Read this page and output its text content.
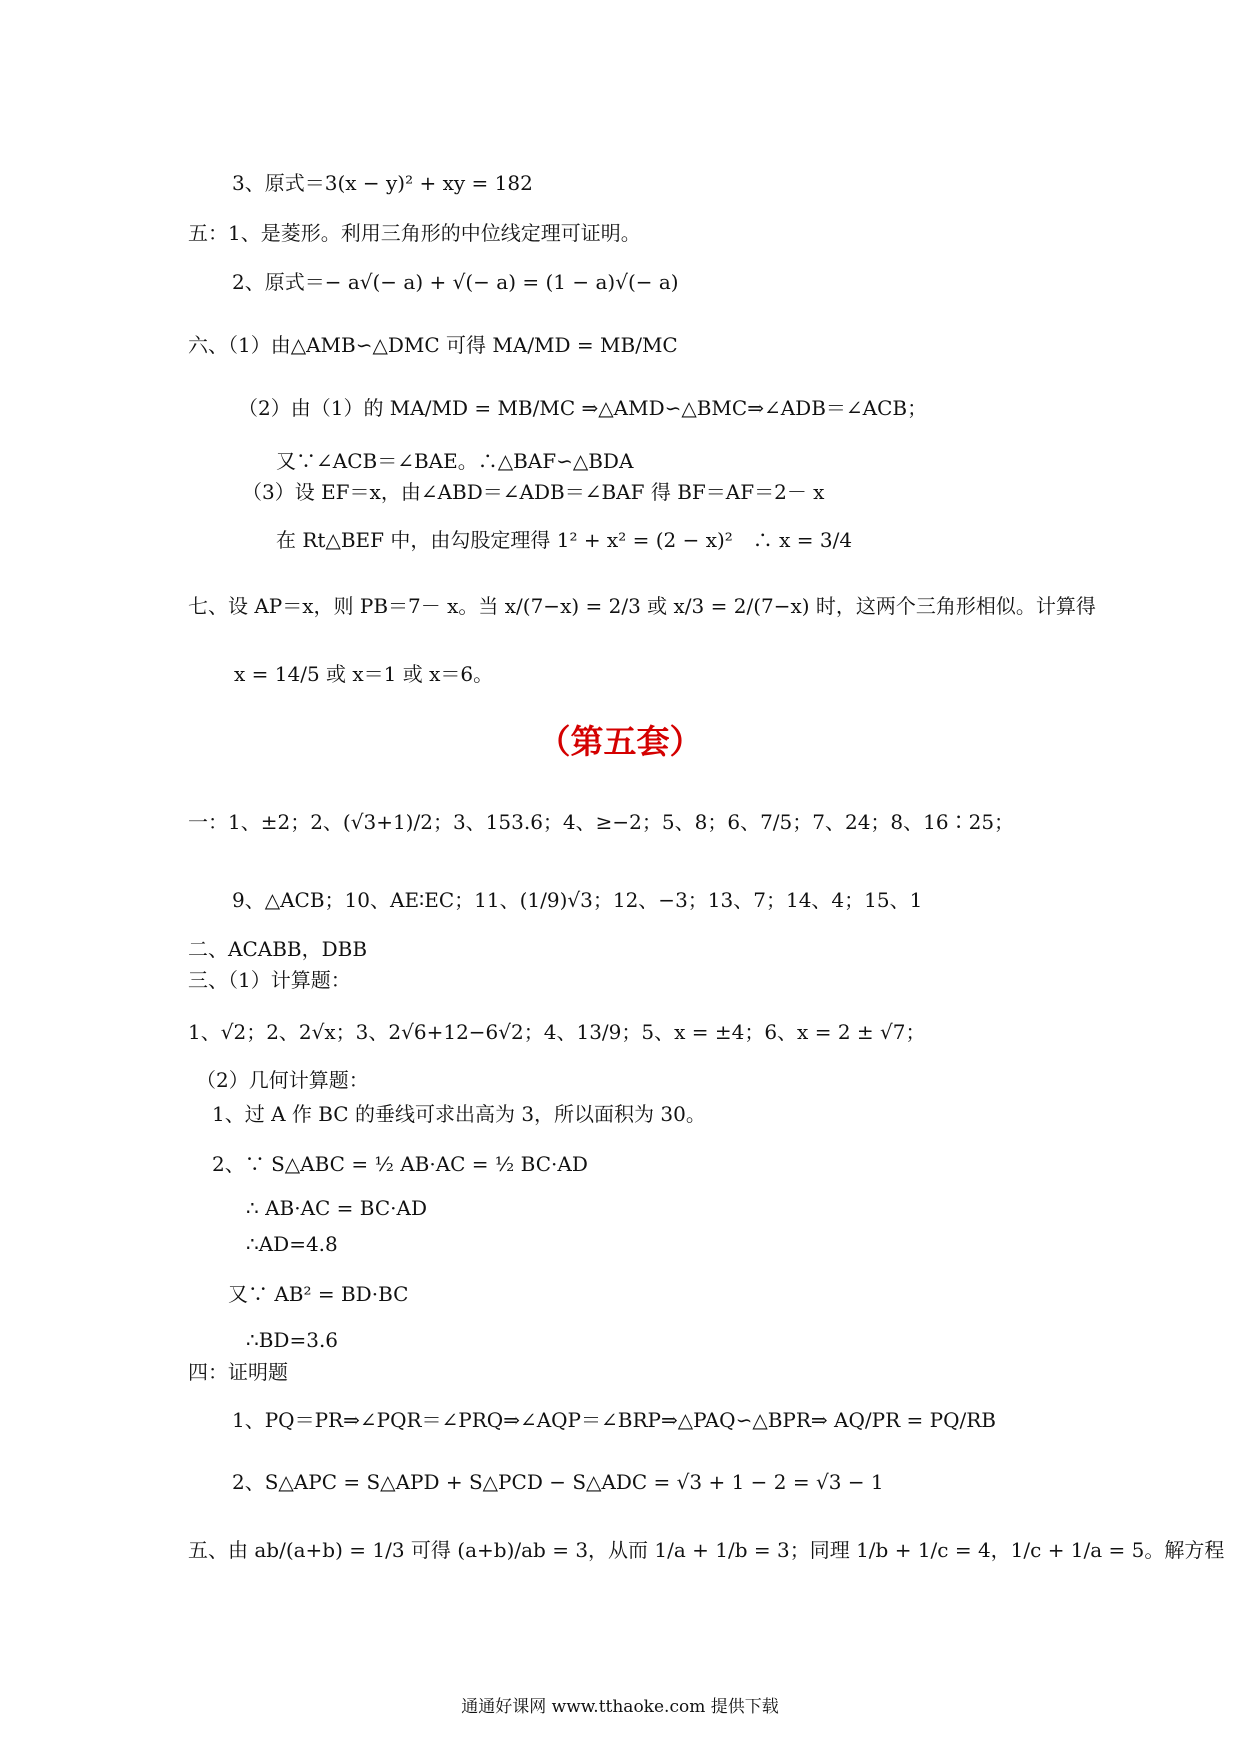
3、原式＝3(x − y)² + xy = 182
五：1、是菱形。利用三角形的中位线定理可证明。
2、原式＝− a√(− a) + √(− a) = (1 − a)√(− a)
六、（1）由△AMB∽△DMC 可得 MA/MD = MB/MC
（2）由（1）的 MA/MD = MB/MC ⇒△AMD∽△BMC⇒∠ADB＝∠ACB；
又∵∠ACB＝∠BAE。∴△BAF∽△BDA
（3）设 EF＝x，由∠ABD＝∠ADB＝∠BAF 得 BF＝AF＝2－ x
在 Rt△BEF 中，由勾股定理得 1² + x² = (2 − x)²　∴ x = 3/4
七、设 AP＝x，则 PB＝7－ x。当 x/(7−x) = 2/3 或 x/3 = 2/(7−x) 时，这两个三角形相似。计算得
x = 14/5 或 x＝1 或 x＝6。
（第五套）
一：1、±2；2、(√3+1)/2；3、153.6；4、≥−2；5、8；6、7/5；7、24；8、16∶25；
9、△ACB；10、AE∶EC；11、(1/9)√3；12、−3；13、7；14、4；15、1
二、ACABB，DBB
三、（1）计算题：
1、√2；2、2√x；3、2√6+12−6√2；4、13/9；5、x = ±4；6、x = 2 ± √7；
（2）几何计算题：
1、过 A 作 BC 的垂线可求出高为 3，所以面积为 30。
2、∵ S△ABC = ½ AB·AC = ½ BC·AD
∴ AB·AC = BC·AD
∴AD=4.8
又∵ AB² = BD·BC
∴BD=3.6
四：证明题
1、PQ＝PR⇒∠PQR＝∠PRQ⇒∠AQP＝∠BRP⇒△PAQ∽△BPR⇒ AQ/PR = PQ/RB
2、S△APC = S△APD + S△PCD − S△ADC = √3 + 1 − 2 = √3 − 1
五、由 ab/(a+b) = 1/3 可得 (a+b)/ab = 3，从而 1/a + 1/b = 3；同理 1/b + 1/c = 4，1/c + 1/a = 5。解方程
通通好课网 www.tthaoke.com 提供下载
